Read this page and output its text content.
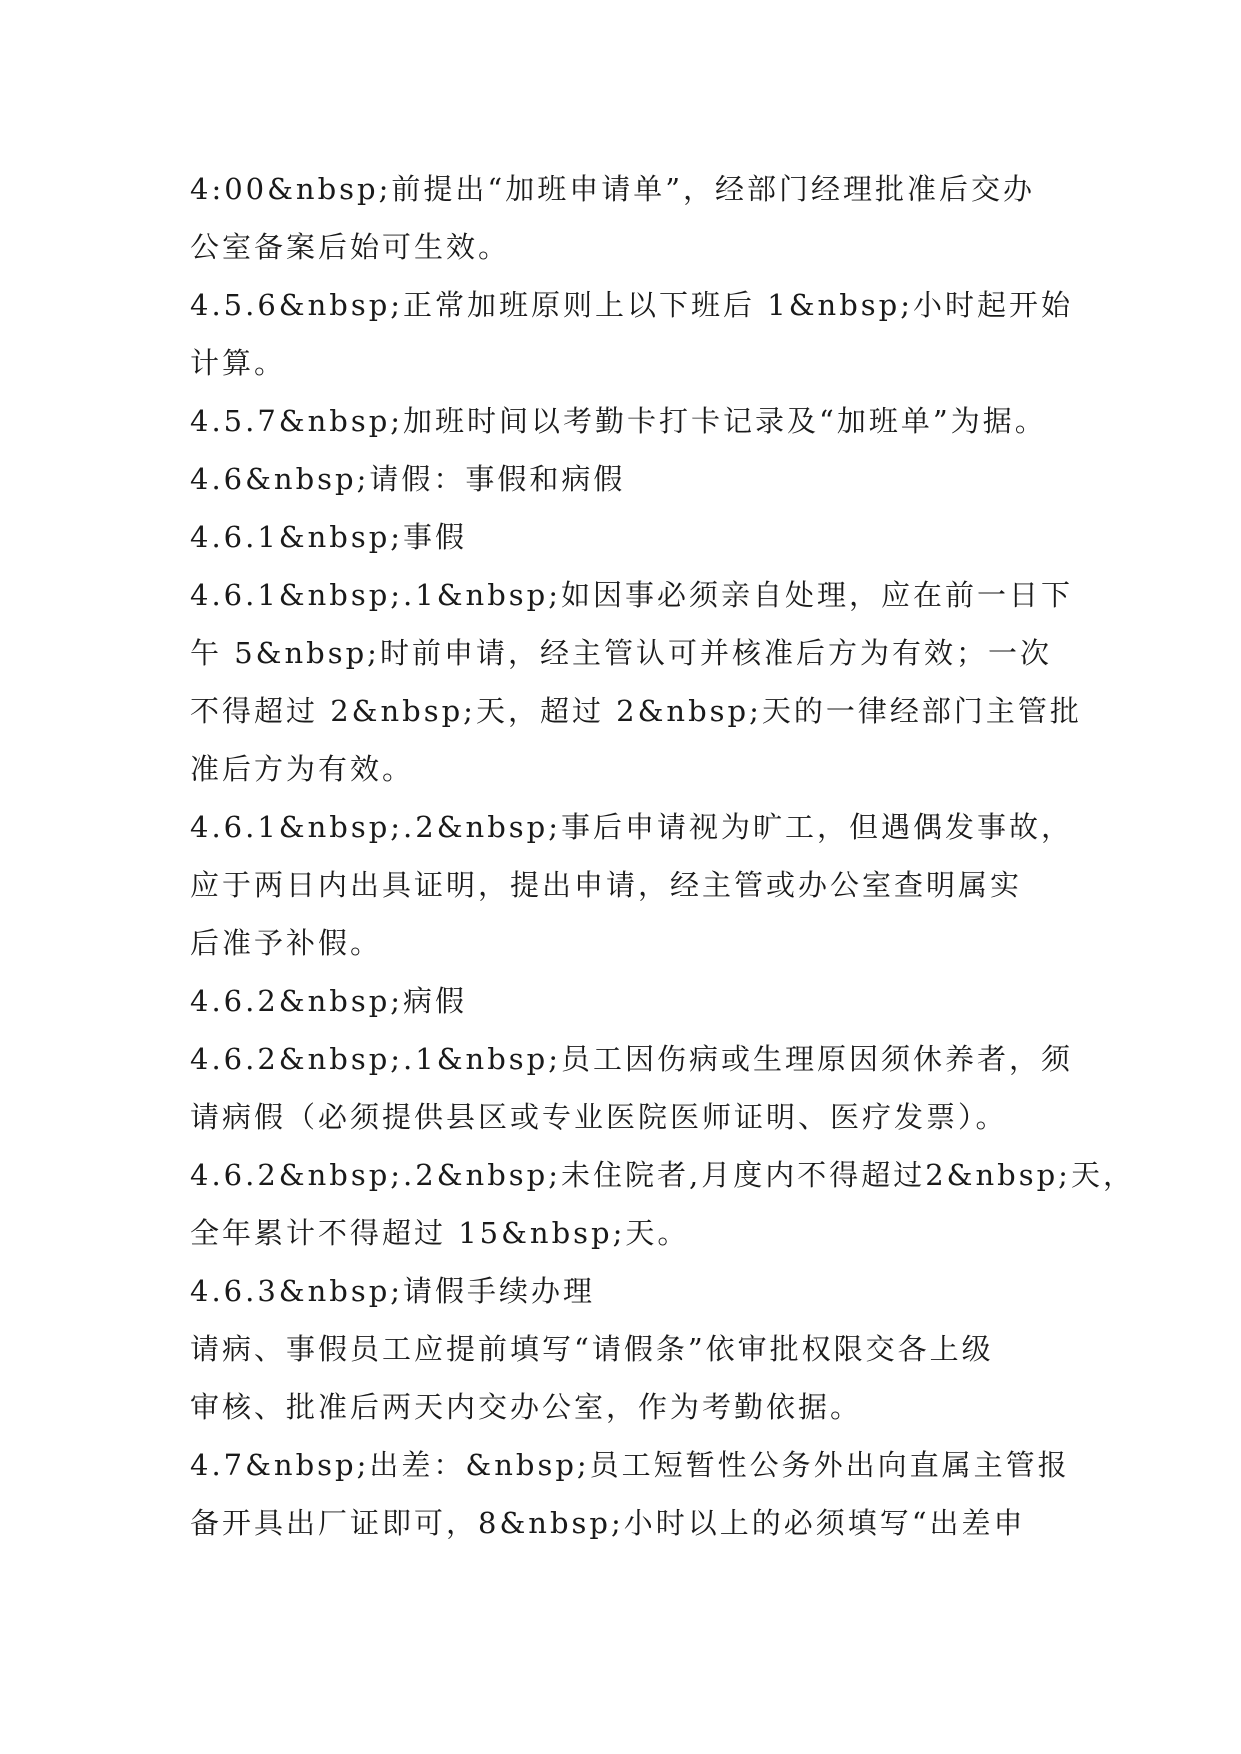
4:00&nbsp;前提出“加班申请单”，经部门经理批准后交办
公室备案后始可生效。
4.5.6&nbsp;正常加班原则上以下班后 1&nbsp;小时起开始
计算。
4.5.7&nbsp;加班时间以考勤卡打卡记录及“加班单”为据。
4.6&nbsp;请假：事假和病假
4.6.1&nbsp;事假
4.6.1&nbsp;.1&nbsp;如因事必须亲自处理，应在前一日下
午 5&nbsp;时前申请，经主管认可并核准后方为有效；一次
不得超过 2&nbsp;天，超过 2&nbsp;天的一律经部门主管批
准后方为有效。
4.6.1&nbsp;.2&nbsp;事后申请视为旷工，但遇偶发事故，
应于两日内出具证明，提出申请，经主管或办公室查明属实
后准予补假。
4.6.2&nbsp;病假
4.6.2&nbsp;.1&nbsp;员工因伤病或生理原因须休养者，须
请病假（必须提供县区或专业医院医师证明、医疗发票）。
4.6.2&nbsp;.2&nbsp;未住院者,月度内不得超过2&nbsp;天，
全年累计不得超过 15&nbsp;天。
4.6.3&nbsp;请假手续办理
请病、事假员工应提前填写“请假条”依审批权限交各上级
审核、批准后两天内交办公室，作为考勤依据。
4.7&nbsp;出差：&nbsp;员工短暂性公务外出向直属主管报
备开具出厂证即可，8&nbsp;小时以上的必须填写“出差申
